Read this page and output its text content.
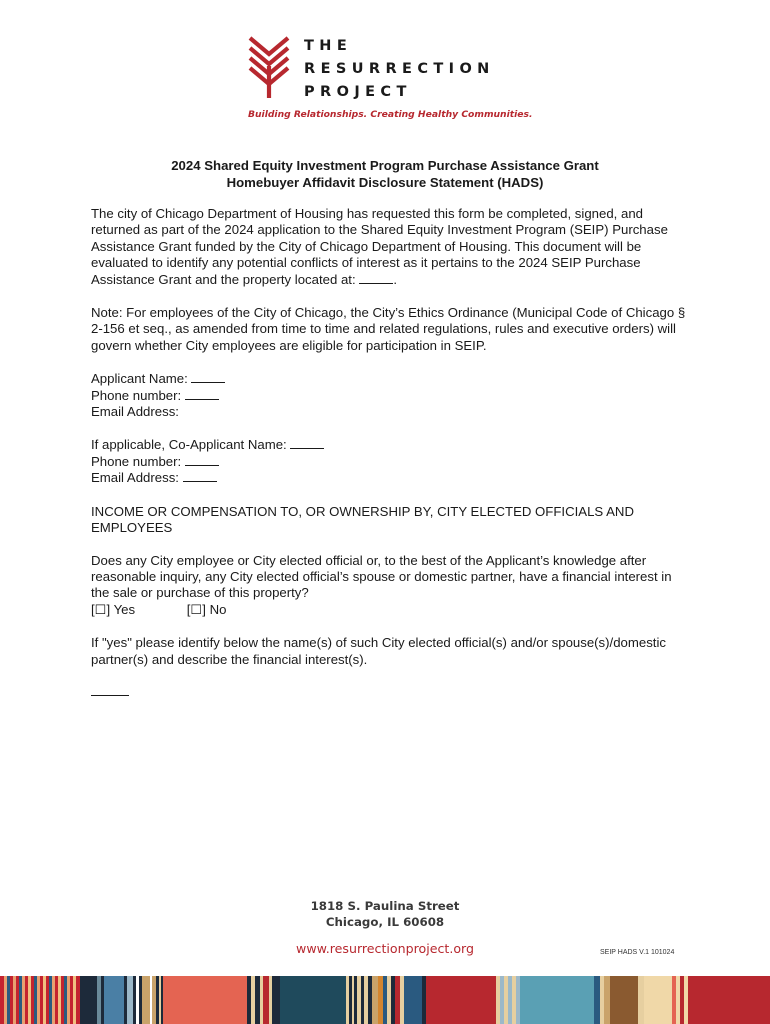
THE
RESURRECTION
PROJECT
Building Relationships. Creating Healthy Communities.
2024 Shared Equity Investment Program Purchase Assistance Grant
Homebuyer Affidavit Disclosure Statement (HADS)

The city of Chicago Department of Housing has requested this form be completed, signed, and returned as part of the 2024 application to the Shared Equity Investment Program (SEIP) Purchase Assistance Grant funded by the City of Chicago Department of Housing. This document will be evaluated to identify any potential conflicts of interest as it pertains to the 2024 SEIP Purchase Assistance Grant and the property located at:	.

Note: For employees of the City of Chicago, the City’s Ethics Ordinance (Municipal Code of Chicago § 2-156 et seq., as amended from time to time and related regulations, rules and executive orders) will govern whether City employees are eligible for participation in SEIP.

Applicant Name:
Phone number:
Email Address:
If applicable, Co-Applicant Name:
Phone number:
Email Address:

INCOME OR COMPENSATION TO, OR OWNERSHIP BY, CITY ELECTED OFFICIALS AND EMPLOYEES

Does any City employee or City elected official or, to the best of the Applicant’s knowledge after reasonable inquiry, any City elected official’s spouse or domestic partner, have a financial interest in the sale or purchase of this property?

[☐] Yes	[☐] No

If "yes" please identify below the name(s) of such City elected official(s) and/or spouse(s)/domestic partner(s) and describe the financial interest(s).

1818 S. Paulina Street
Chicago, IL 60608
www.resurrectionproject.org	SEIP HADS V.1 101024
